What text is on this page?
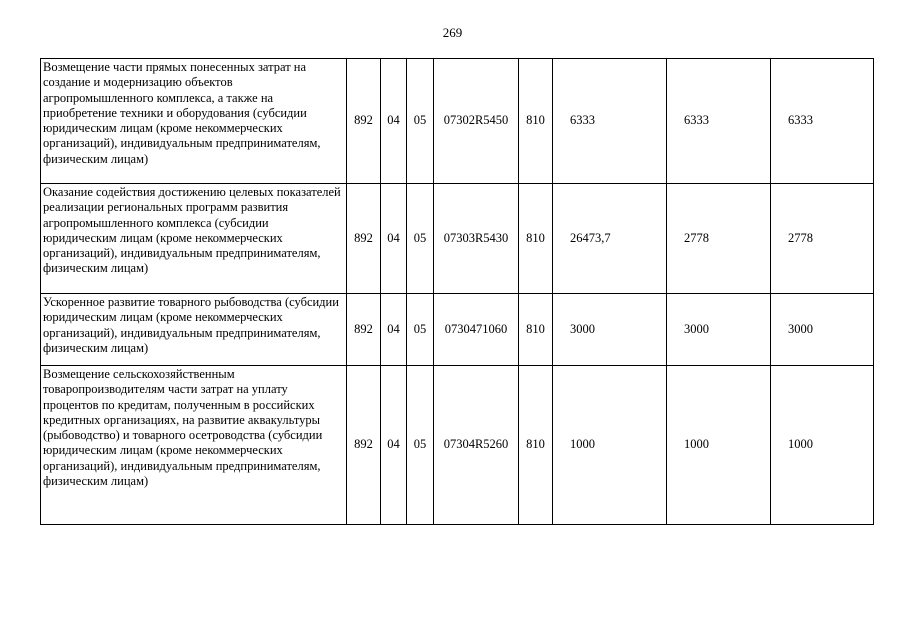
269
Возмещение части прямых понесенных затрат на создание и модернизацию объектов агропромышленного комплекса, а также на приобретение техники и оборудования (субсидии юридическим лицам (кроме некоммерческих организаций), индивидуальным предпринимателям, физическим лицам)	892	04	05	07302R5450	810	6333	6333	6333
Оказание содействия достижению целевых показателей реализации региональных программ развития агропромышленного комплекса (субсидии юридическим лицам (кроме некоммерческих организаций), индивидуальным предпринимателям, физическим лицам)	892	04	05	07303R5430	810	26473,7	2778	2778
Ускоренное развитие товарного рыбоводства (субсидии юридическим лицам (кроме некоммерческих организаций), индивидуальным предпринимателям, физическим лицам)	892	04	05	0730471060	810	3000	3000	3000
Возмещение сельскохозяйственным товаропроизводителям части затрат на уплату процентов по кредитам, полученным в российских кредитных организациях, на развитие аквакультуры (рыбоводство) и товарного осетроводства (субсидии юридическим лицам (кроме некоммерческих организаций), индивидуальным предпринимателям, физическим лицам)	892	04	05	07304R5260	810	1000	1000	1000
